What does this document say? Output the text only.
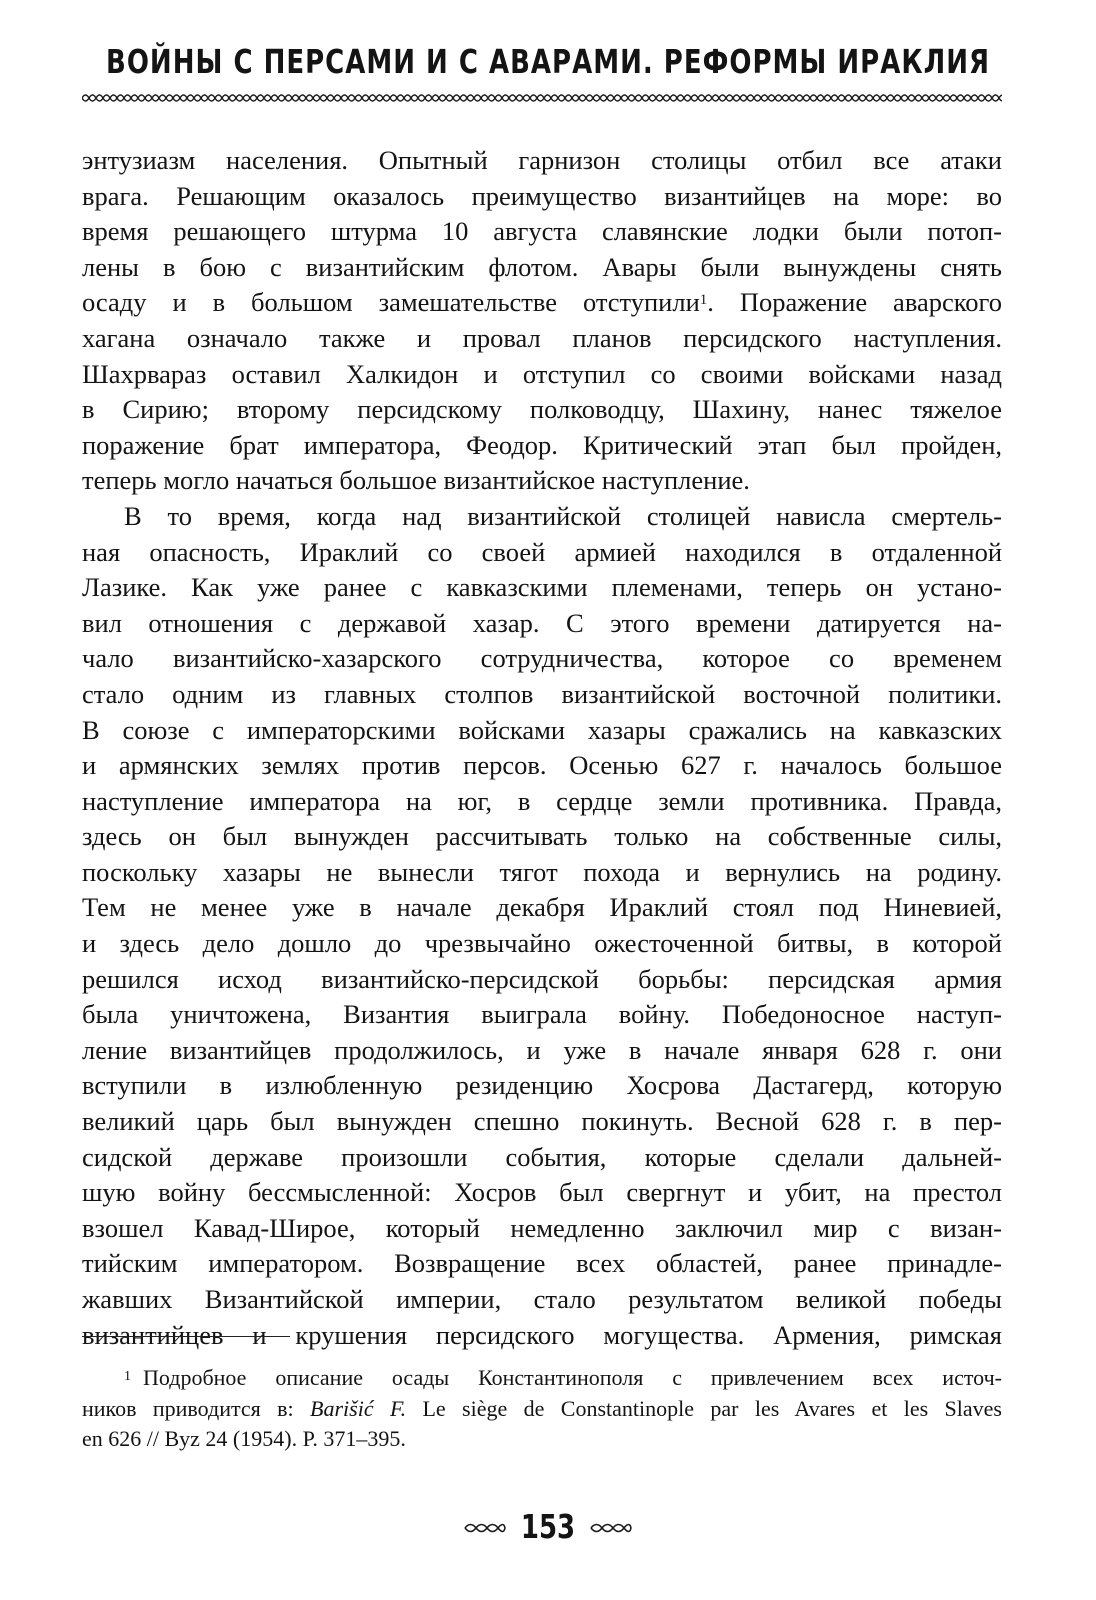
ВОЙНЫ С ПЕРСАМИ И С АВАРАМИ. РЕФОРМЫ ИРАКЛИЯ

энтузиазм населения. Опытный гарнизон столицы отбил все атаки
врага. Решающим оказалось преимущество византийцев на море: во
время решающего штурма 10 августа славянские лодки были потоп-
лены в бою с византийским флотом. Авары были вынуждены снять
осаду и в большом замешательстве отступили$^1$. Поражение аварского
хагана означало также и провал планов персидского наступления.
Шахрвараз оставил Халкидон и отступил со своими войсками назад
в Сирию; второму персидскому полководцу, Шахину, нанес тяжелое
поражение брат императора, Феодор. Критический этап был пройден,
теперь могло начаться большое византийское наступление.

В то время, когда над византийской столицей нависла смертель-
ная опасность, Ираклий со своей армией находился в отдаленной
Лазике. Как уже ранее с кавказскими племенами, теперь он устано-
вил отношения с державой хазар. С этого времени датируется на-
чало византийско-хазарского сотрудничества, которое со временем
стало одним из главных столпов византийской восточной политики.
В союзе с императорскими войсками хазары сражались на кавказских
и армянских землях против персов. Осенью 627 г. началось большое
наступление императора на юг, в сердце земли противника. Правда,
здесь он был вынужден рассчитывать только на собственные силы,
поскольку хазары не вынесли тягот похода и вернулись на родину.
Тем не менее уже в начале декабря Ираклий стоял под Ниневией,
и здесь дело дошло до чрезвычайно ожесточенной битвы, в которой
решился исход византийско-персидской борьбы: персидская армия
была уничтожена, Византия выиграла войну. Победоносное наступ-
ление византийцев продолжилось, и уже в начале января 628 г. они
вступили в излюбленную резиденцию Хосрова Дастагерд, которую
великий царь был вынужден спешно покинуть. Весной 628 г. в пер-
сидской державе произошли события, которые сделали дальней-
шую войну бессмысленной: Хосров был свергнут и убит, на престол
взошел Кавад-Широе, который немедленно заключил мир с визан-
тийским императором. Возвращение всех областей, ранее принадле-
жавших Византийской империи, стало результатом великой победы
византийцев и крушения персидского могущества. Армения, римская

$^1$ Подробное описание осады Константинополя с привлечением всех источ-
ников приводится в: Barišić F. Le siège de Constantinople par les Avares et les Slaves
en 626 // Byz 24 (1954). P. 371–395.
153
